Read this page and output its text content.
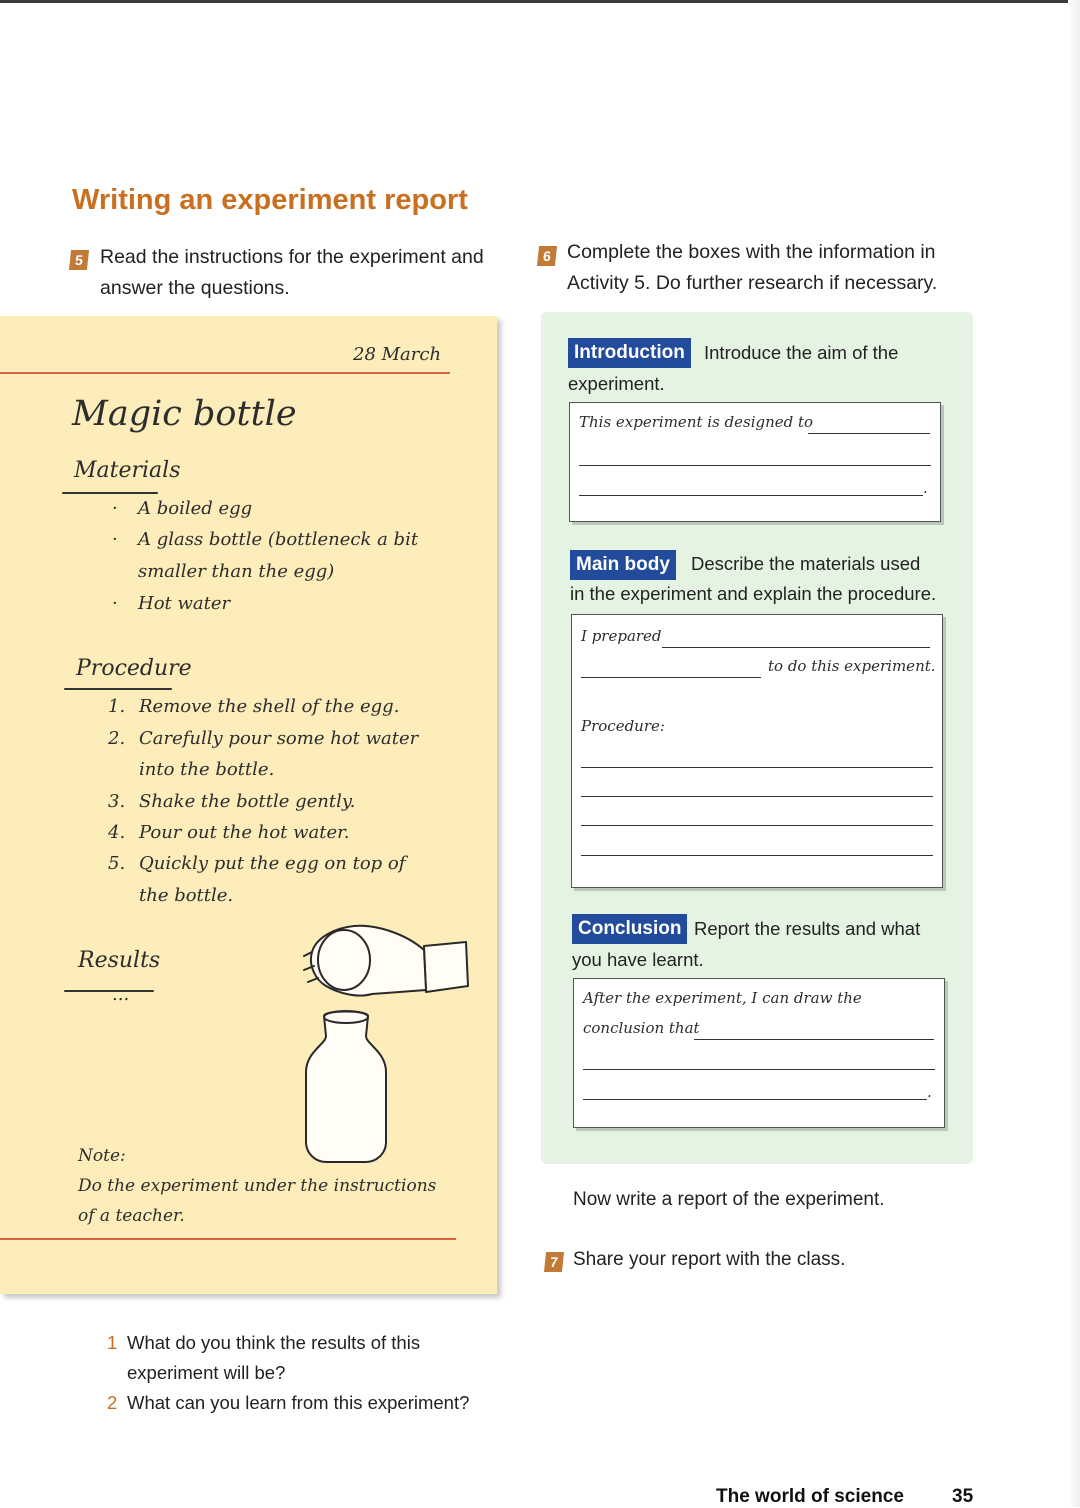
Writing an experiment report
5 Read the instructions for the experiment and
answer the questions.
6 Complete the boxes with the information in
Activity 5. Do further research if necessary.
28 March
Magic bottle
Materials
· A boiled egg
· A glass bottle (bottleneck a bit
smaller than the egg)
· Hot water
Procedure
1. Remove the shell of the egg.
2. Carefully pour some hot water
into the bottle.
3. Shake the bottle gently.
4. Pour out the hot water.
5. Quickly put the egg on top of
the bottle.
Results
...
Note:
Do the experiment under the instructions
of a teacher.
Introduction	Introduce the aim of the
experiment.
This experiment is designed to
.
Main body	Describe the materials used
in the experiment and explain the procedure.
I prepared
to do this experiment.
Procedure:
Conclusion Report the results and what
you have learnt.
After the experiment, I can draw the
conclusion that
.
Now write a report of the experiment.
7 Share your report with the class.
1 What do you think the results of this
experiment will be?
2 What can you learn from this experiment?
The world of science	35
